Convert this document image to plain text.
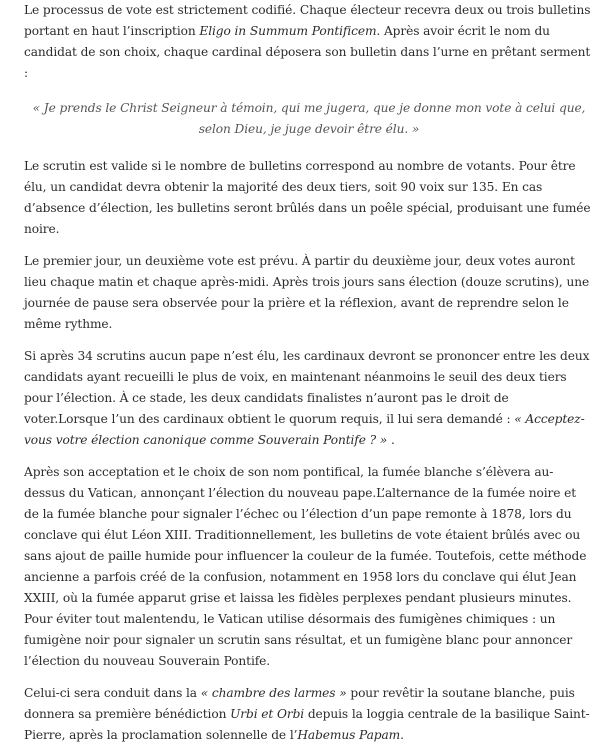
Le processus de vote est strictement codifié. Chaque électeur recevra deux ou trois bulletins portant en haut l’inscription Eligo in Summum Pontificem. Après avoir écrit le nom du candidat de son choix, chaque cardinal déposera son bulletin dans l’urne en prêtant serment :

« Je prends le Christ Seigneur à témoin, qui me jugera, que je donne mon vote à celui que, selon Dieu, je juge devoir être élu. »

Le scrutin est valide si le nombre de bulletins correspond au nombre de votants. Pour être élu, un candidat devra obtenir la majorité des deux tiers, soit 90 voix sur 135. En cas d’absence d’élection, les bulletins seront brûlés dans un poêle spécial, produisant une fumée noire.

Le premier jour, un deuxième vote est prévu. À partir du deuxième jour, deux votes auront lieu chaque matin et chaque après-midi. Après trois jours sans élection (douze scrutins), une journée de pause sera observée pour la prière et la réflexion, avant de reprendre selon le même rythme.

Si après 34 scrutins aucun pape n’est élu, les cardinaux devront se prononcer entre les deux candidats ayant recueilli le plus de voix, en maintenant néanmoins le seuil des deux tiers pour l’élection. À ce stade, les deux candidats finalistes n’auront pas le droit de voter.Lorsque l’un des cardinaux obtient le quorum requis, il lui sera demandé : « Acceptez-vous votre élection canonique comme Souverain Pontife ? » .

Après son acceptation et le choix de son nom pontifical, la fumée blanche s’élèvera au-dessus du Vatican, annonçant l’élection du nouveau pape.L’alternance de la fumée noire et de la fumée blanche pour signaler l’échec ou l’élection d’un pape remonte à 1878, lors du conclave qui élut Léon XIII. Traditionnellement, les bulletins de vote étaient brûlés avec ou sans ajout de paille humide pour influencer la couleur de la fumée. Toutefois, cette méthode ancienne a parfois créé de la confusion, notamment en 1958 lors du conclave qui élut Jean XXIII, où la fumée apparut grise et laissa les fidèles perplexes pendant plusieurs minutes. Pour éviter tout malentendu, le Vatican utilise désormais des fumigènes chimiques : un fumigène noir pour signaler un scrutin sans résultat, et un fumigène blanc pour annoncer l’élection du nouveau Souverain Pontife.

Celui-ci sera conduit dans la « chambre des larmes » pour revêtir la soutane blanche, puis donnera sa première bénédiction Urbi et Orbi depuis la loggia centrale de la basilique Saint-Pierre, après la proclamation solennelle de l’Habemus Papam.
